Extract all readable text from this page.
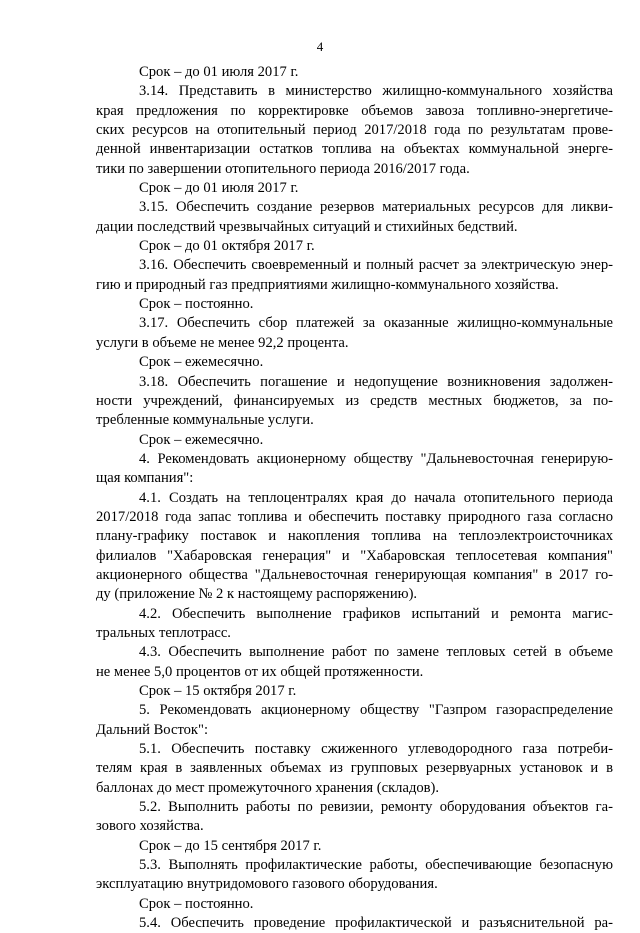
4
Срок – до 01 июля 2017 г.
3.14. Представить в министерство жилищно-коммунального хозяйства
края предложения по корректировке объемов завоза топливно-энергетиче-
ских ресурсов на отопительный период 2017/2018 года по результатам прове-
денной инвентаризации остатков топлива на объектах коммунальной энерге-
тики по завершении отопительного периода 2016/2017 года.
Срок – до 01 июля 2017 г.
3.15. Обеспечить создание резервов материальных ресурсов для ликви-
дации последствий чрезвычайных ситуаций и стихийных бедствий.
Срок – до 01 октября 2017 г.
3.16. Обеспечить своевременный и полный расчет за электрическую энер-
гию и природный газ предприятиями жилищно-коммунального хозяйства.
Срок – постоянно.
3.17. Обеспечить сбор платежей за оказанные жилищно-коммунальные
услуги в объеме не менее 92,2 процента.
Срок – ежемесячно.
3.18. Обеспечить погашение и недопущение возникновения задолжен-
ности учреждений, финансируемых из средств местных бюджетов, за по-
требленные коммунальные услуги.
Срок – ежемесячно.
4. Рекомендовать акционерному обществу "Дальневосточная генерирую-
щая компания":
4.1. Создать на теплоцентралях края до начала отопительного периода
2017/2018 года запас топлива и обеспечить поставку природного газа согласно
плану-графику поставок и накопления топлива на теплоэлектроисточниках
филиалов "Хабаровская генерация" и "Хабаровская теплосетевая компания"
акционерного общества "Дальневосточная генерирующая компания" в 2017 го-
ду (приложение № 2 к настоящему распоряжению).
4.2. Обеспечить выполнение графиков испытаний и ремонта магис-
тральных теплотрасс.
4.3. Обеспечить выполнение работ по замене тепловых сетей в объеме
не менее 5,0 процентов от их общей протяженности.
Срок – 15 октября 2017 г.
5. Рекомендовать акционерному обществу "Газпром газораспределение
Дальний Восток":
5.1. Обеспечить поставку сжиженного углеводородного газа потреби-
телям края в заявленных объемах из групповых резервуарных установок и в
баллонах до мест промежуточного хранения (складов).
5.2. Выполнить работы по ревизии, ремонту оборудования объектов га-
зового хозяйства.
Срок – до 15 сентября 2017 г.
5.3. Выполнять профилактические работы, обеспечивающие безопасную
эксплуатацию внутридомового газового оборудования.
Срок – постоянно.
5.4. Обеспечить проведение профилактической и разъяснительной ра-
